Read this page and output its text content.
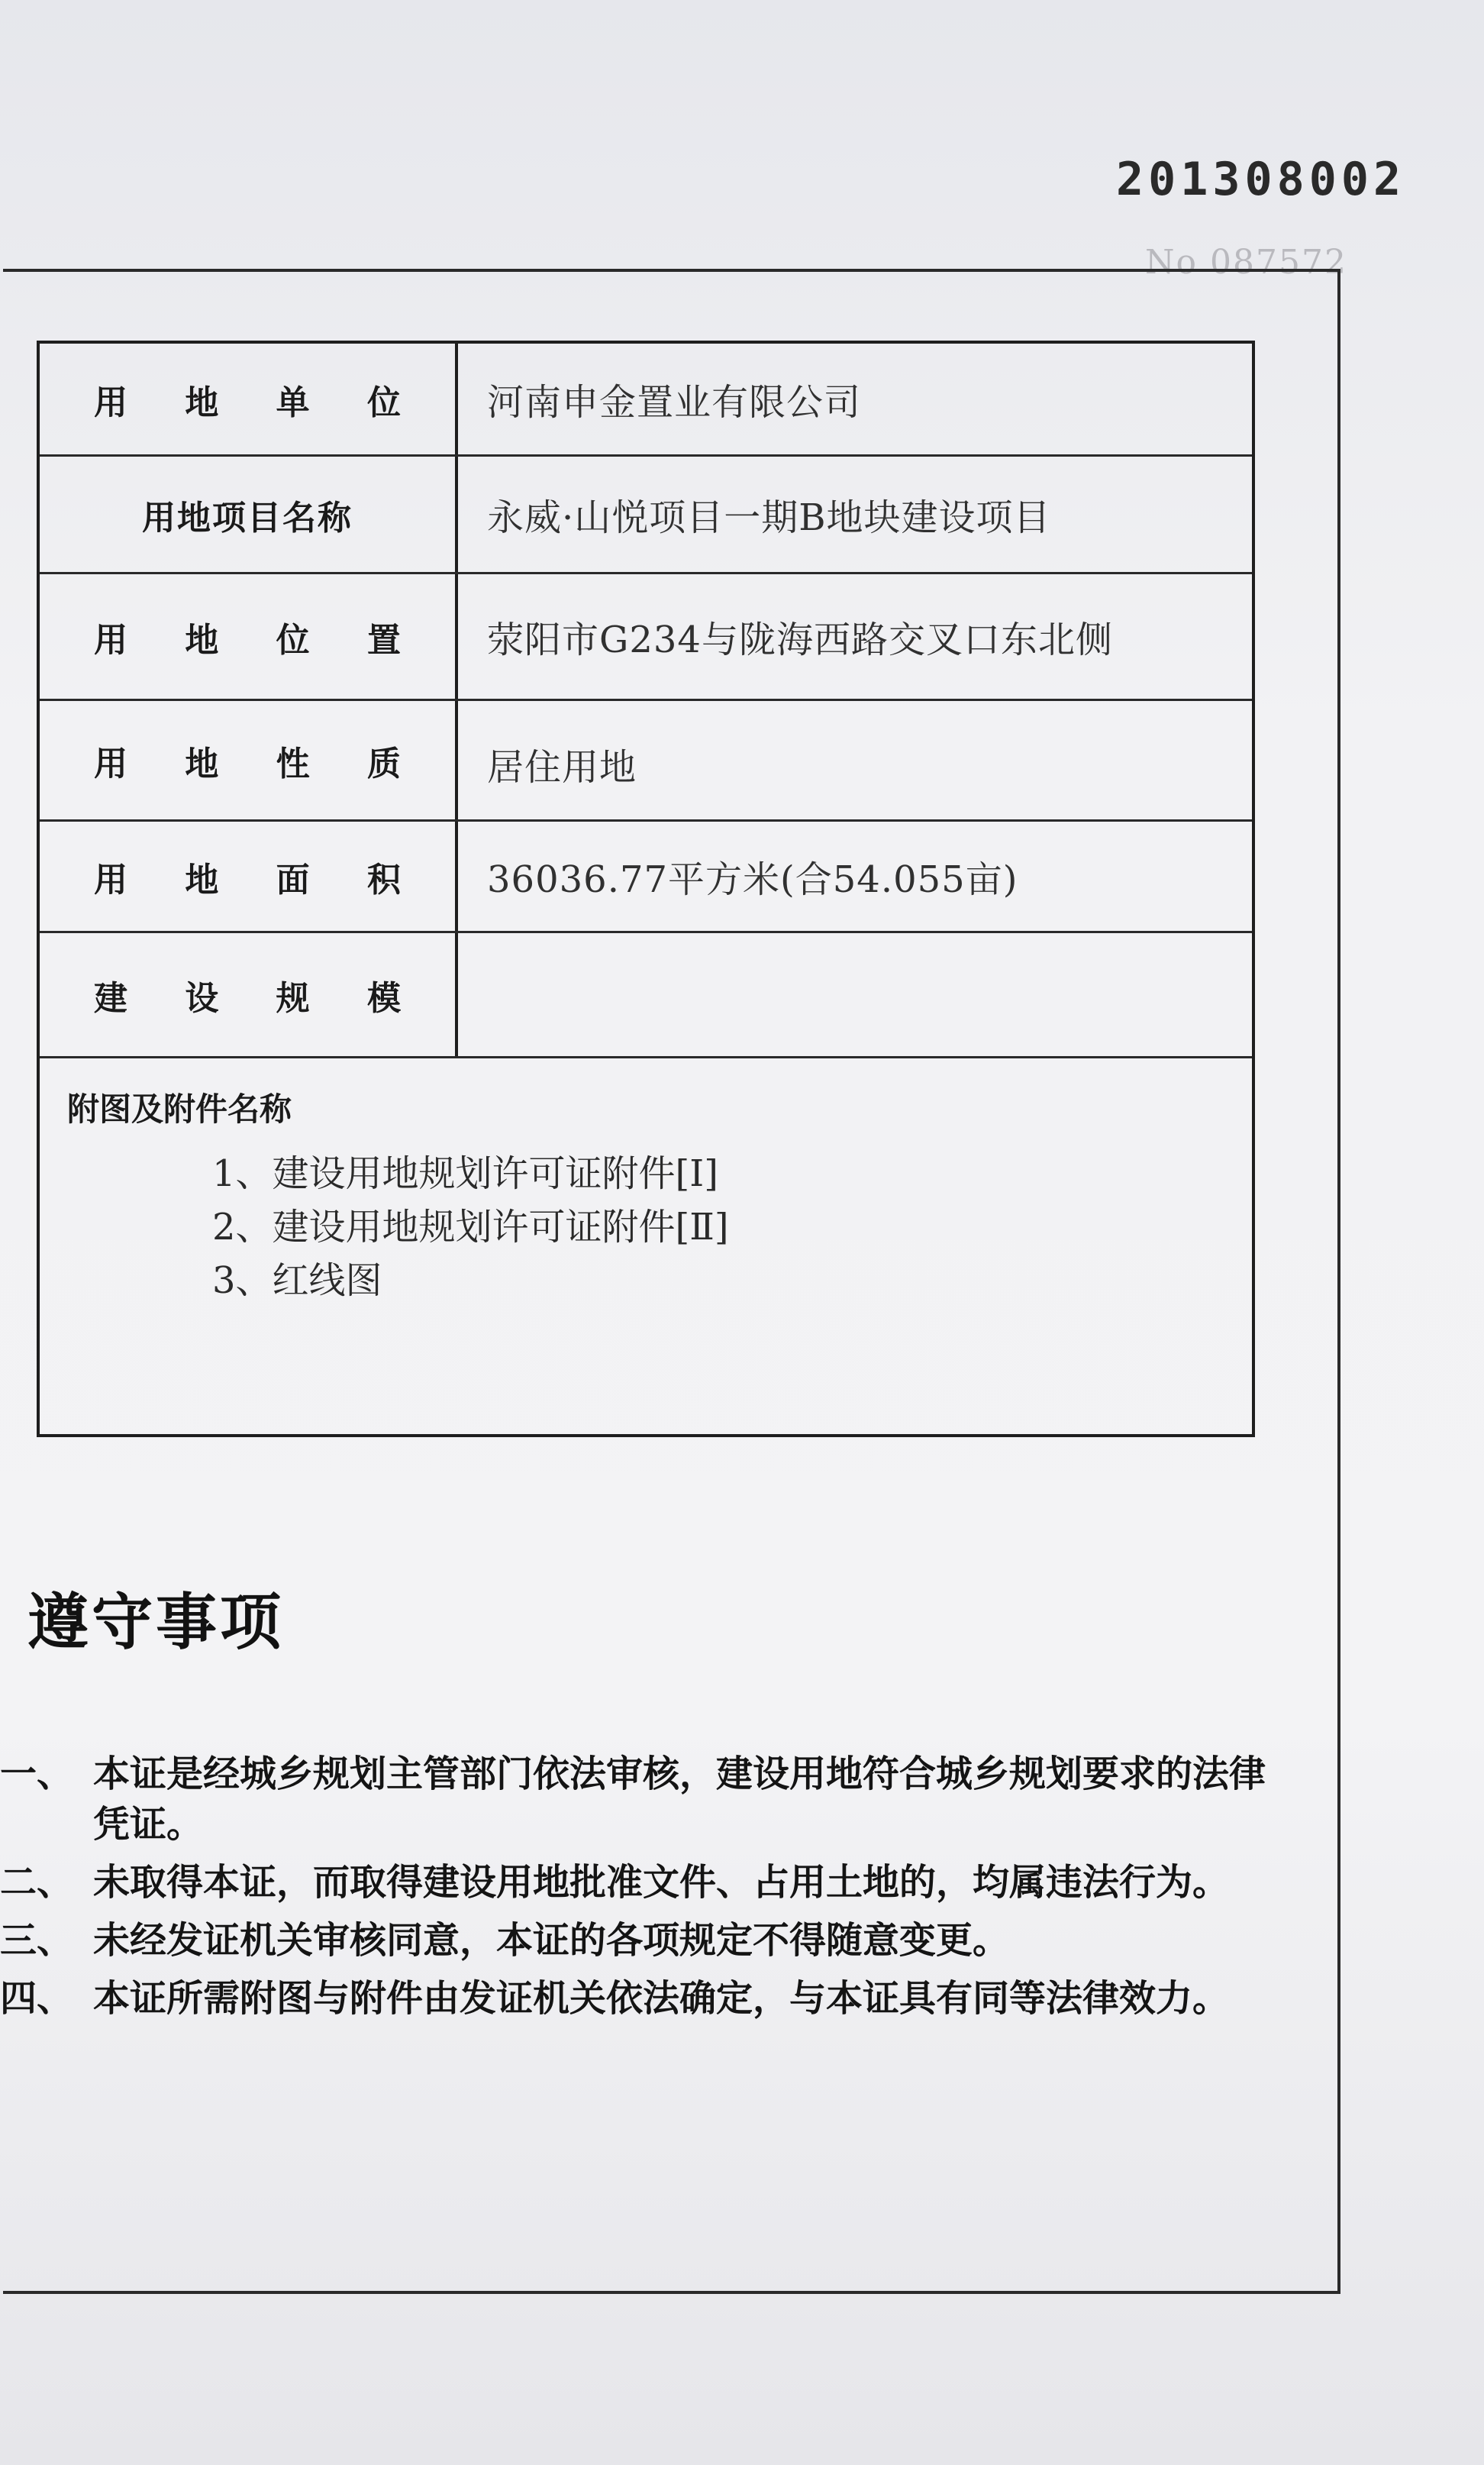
201308002
No 087572
用 地 单 位	河南申金置业有限公司
用地项目名称	永威·山悦项目一期B地块建设项目
用 地 位 置	荥阳市G234与陇海西路交叉口东北侧
用 地 性 质	居住用地
用 地 面 积	36036.77平方米(合54.055亩)
建 设 规 模
附图及附件名称
1、建设用地规划许可证附件[Ⅰ]
2、建设用地规划许可证附件[Ⅱ]
3、红线图
遵守事项
一、 本证是经城乡规划主管部门依法审核，建设用地符合城乡规划要求的法律凭证。
二、 未取得本证，而取得建设用地批准文件、占用土地的，均属违法行为。
三、 未经发证机关审核同意，本证的各项规定不得随意变更。
四、 本证所需附图与附件由发证机关依法确定，与本证具有同等法律效力。
